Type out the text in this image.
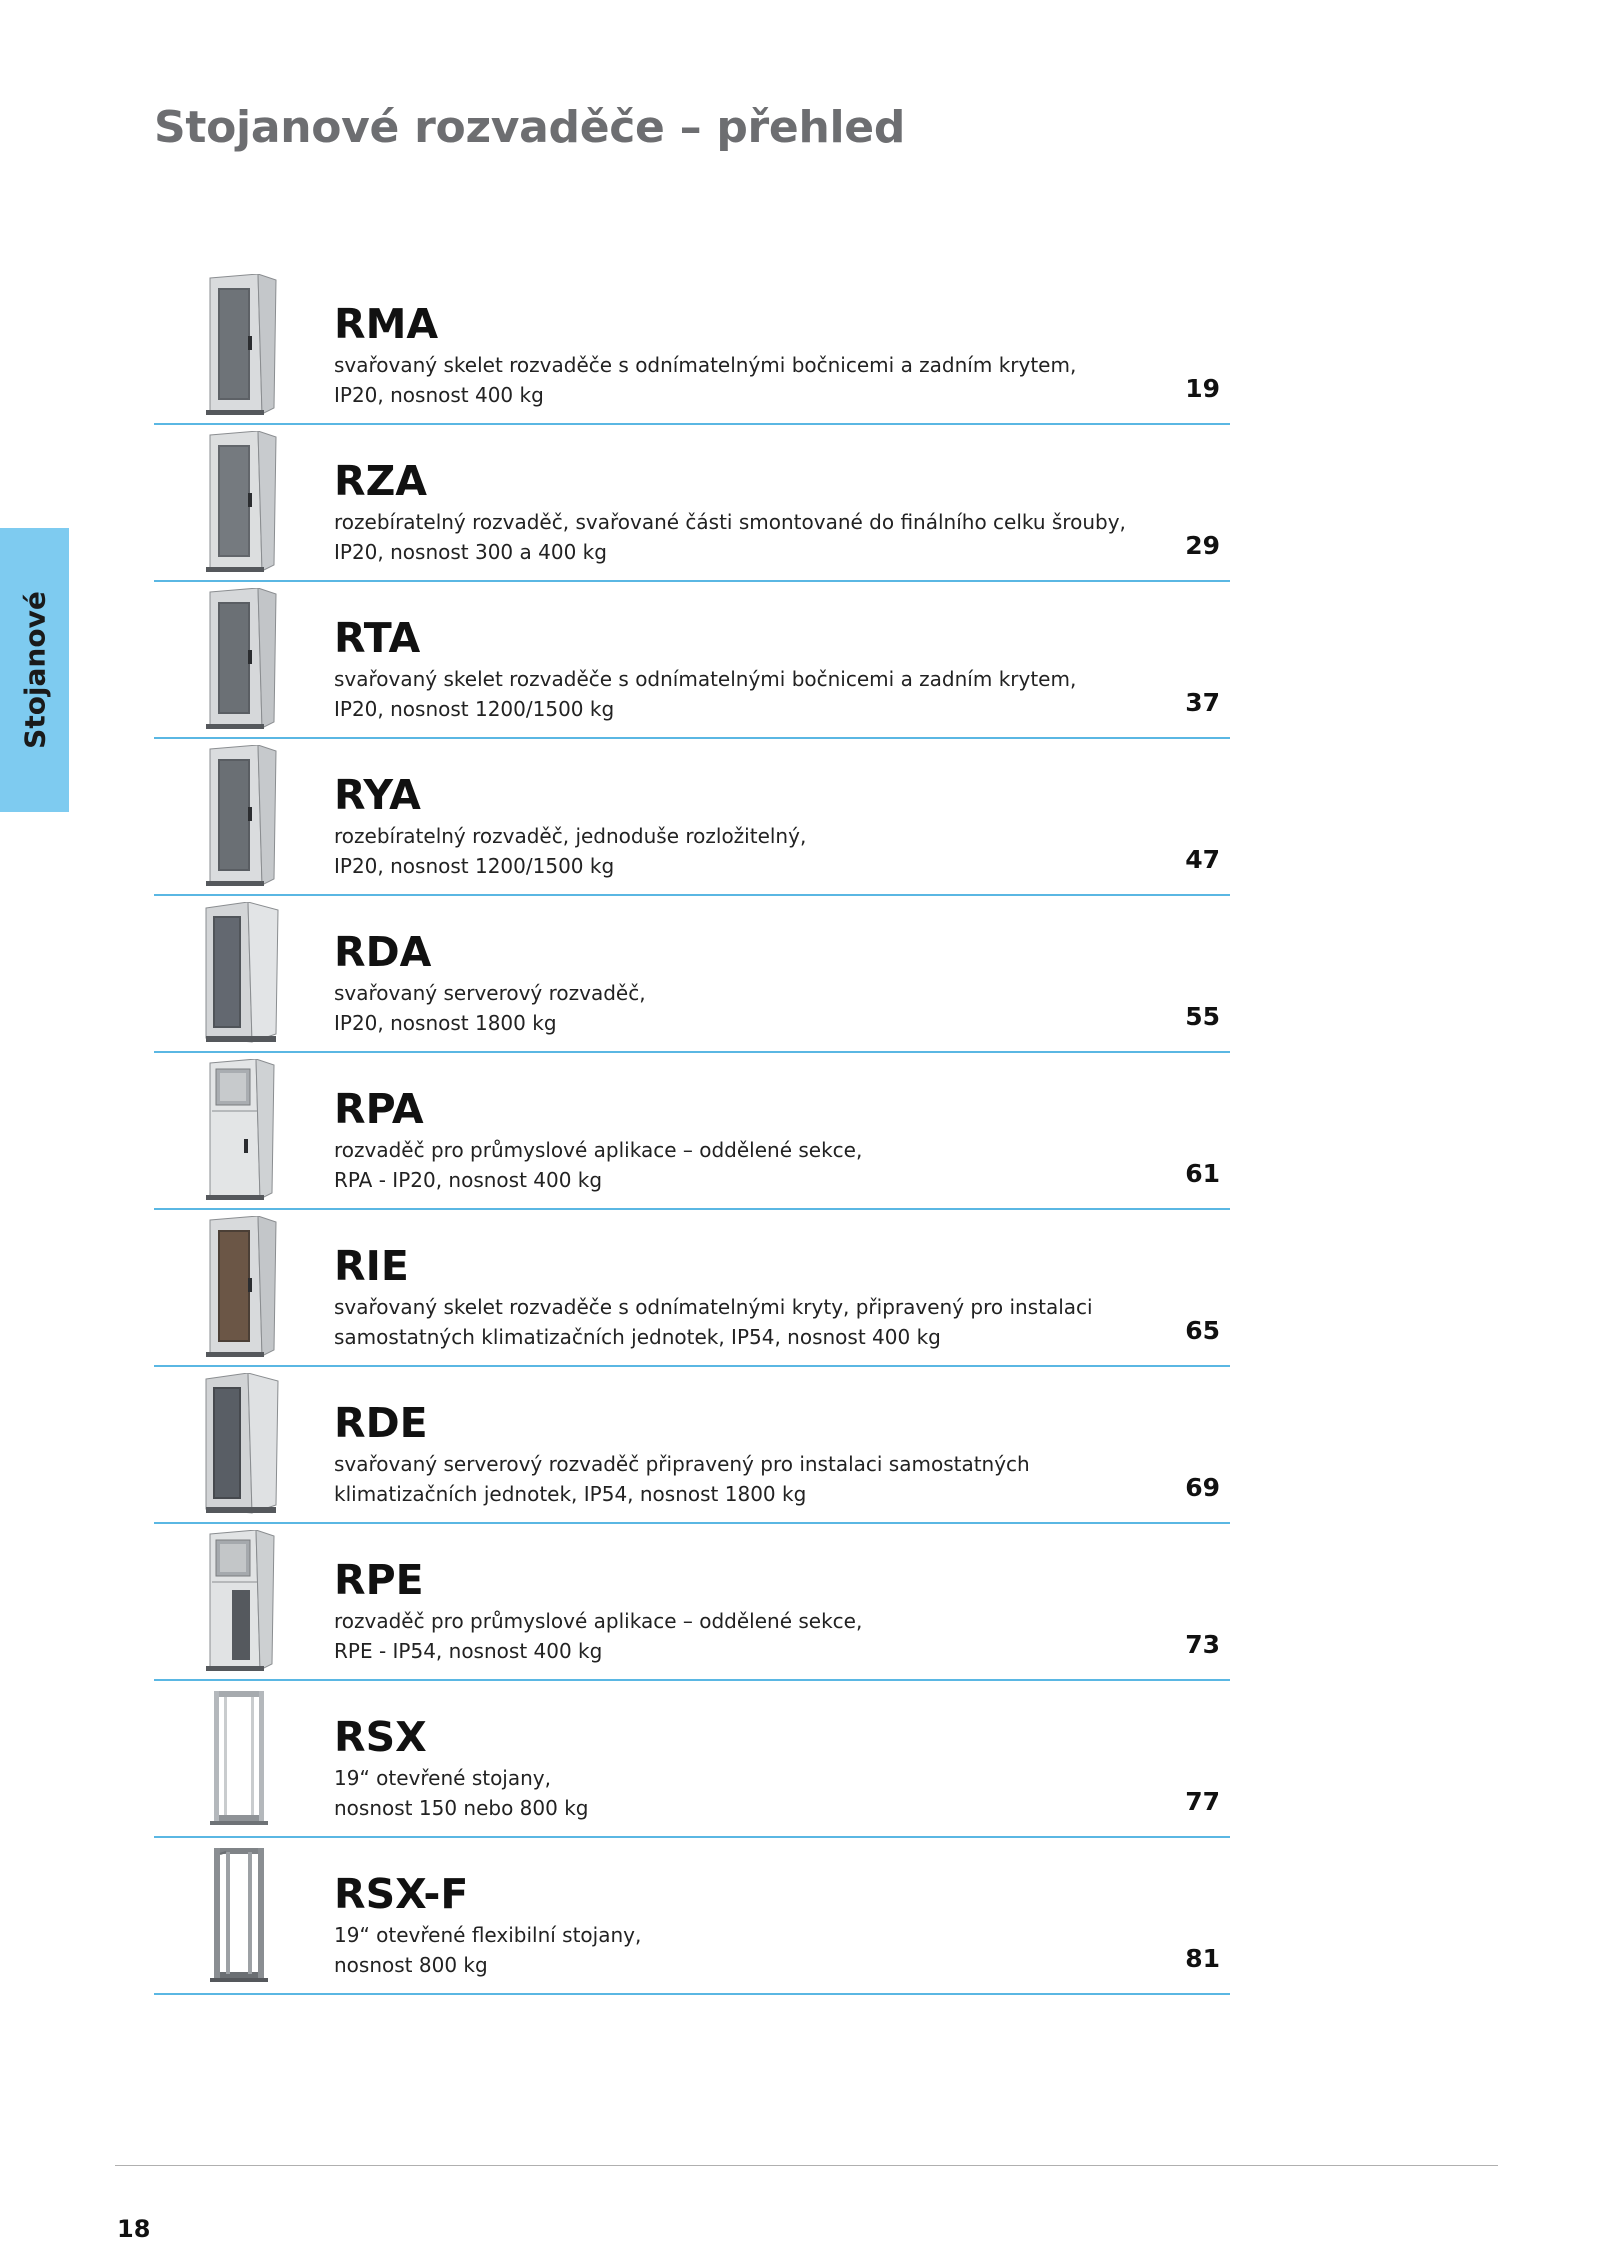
Stojanové rozvaděče – přehled
Stojanové
RMA
svařovaný skelet rozvaděče s odnímatelnými bočnicemi a zadním krytem,
IP20, nosnost 400 kg	19
RZA
rozebíratelný rozvaděč, svařované části smontované do finálního celku šrouby,
IP20, nosnost 300 a 400 kg	29
RTA
svařovaný skelet rozvaděče s odnímatelnými bočnicemi a zadním krytem,
IP20, nosnost 1200/1500 kg	37
RYA
rozebíratelný rozvaděč, jednoduše rozložitelný,
IP20, nosnost 1200/1500 kg	47
RDA
svařovaný serverový rozvaděč,
IP20, nosnost 1800 kg	55
RPA
rozvaděč pro průmyslové aplikace – oddělené sekce,
RPA - IP20, nosnost 400 kg	61
RIE
svařovaný skelet rozvaděče s odnímatelnými kryty, připravený pro instalaci
samostatných klimatizačních jednotek, IP54, nosnost 400 kg	65
RDE
svařovaný serverový rozvaděč připravený pro instalaci samostatných
klimatizačních jednotek, IP54, nosnost 1800 kg	69
RPE
rozvaděč pro průmyslové aplikace – oddělené sekce,
RPE - IP54, nosnost 400 kg	73
RSX
19“ otevřené stojany,
nosnost 150 nebo 800 kg	77
RSX-F
19“ otevřené flexibilní stojany,
nosnost 800 kg	81
18
